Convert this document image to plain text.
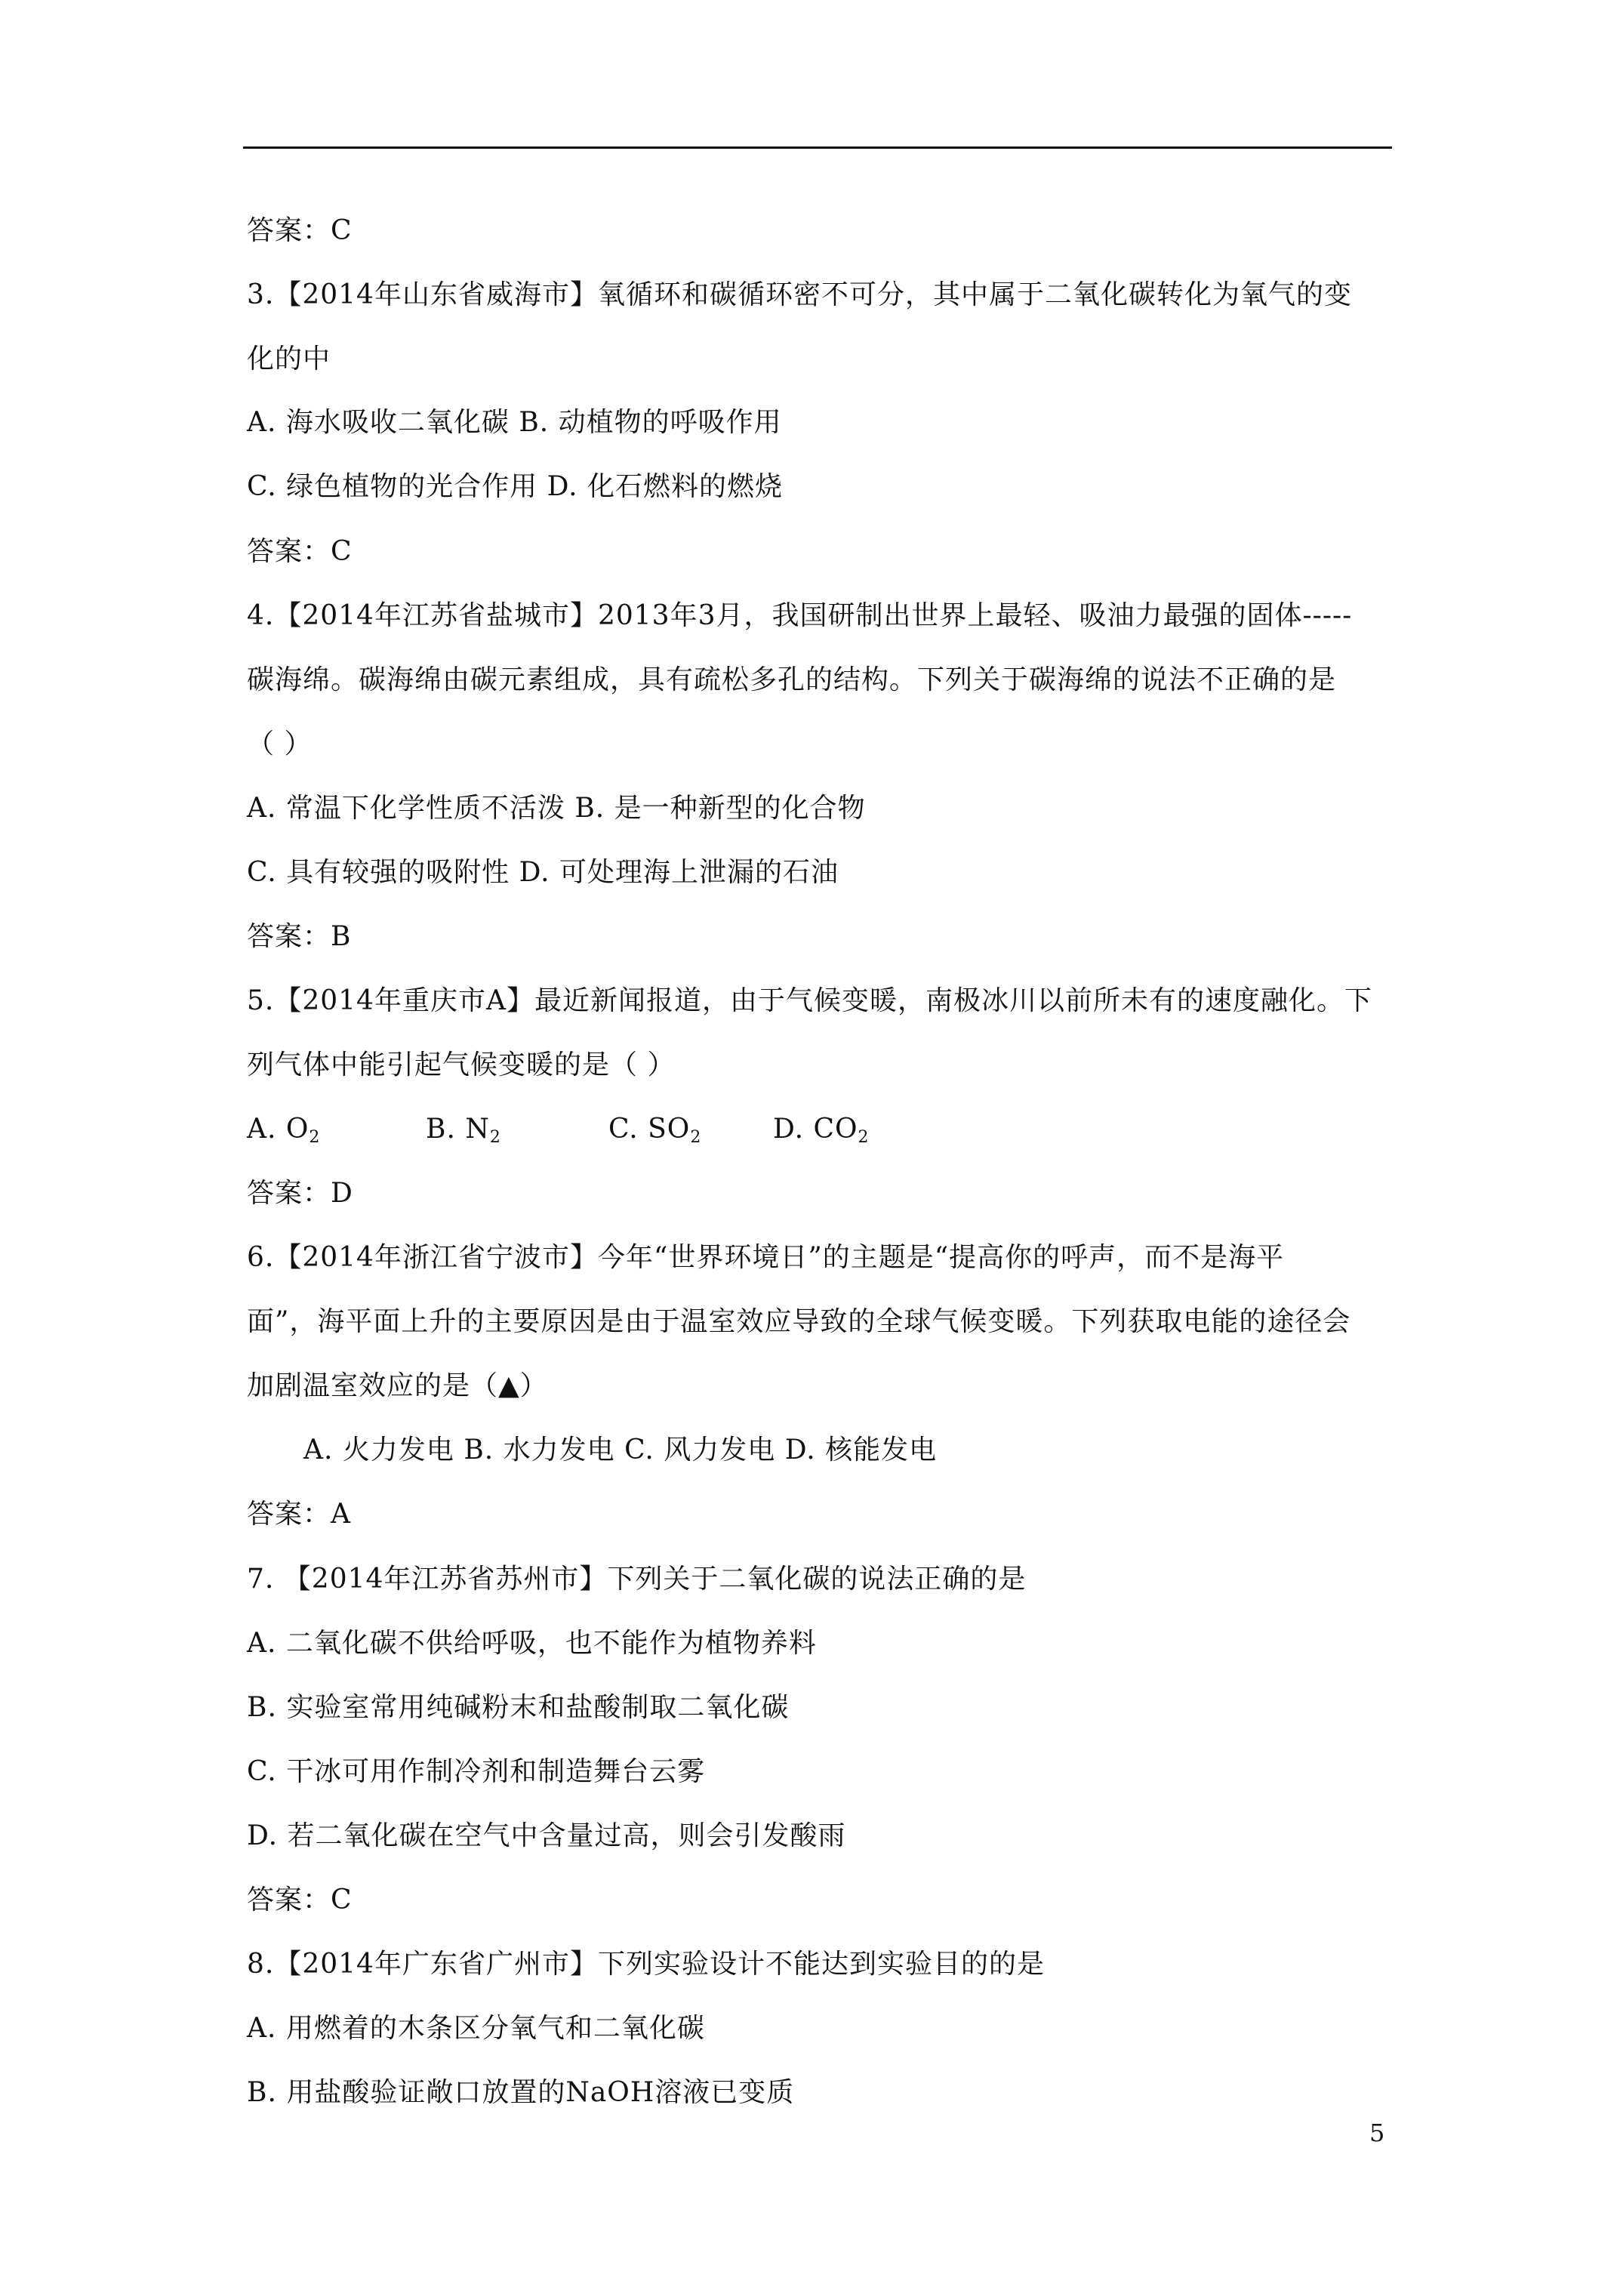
答案：C
3.【2014年山东省威海市】氧循环和碳循环密不可分，其中属于二氧化碳转化为氧气的变
化的中
A. 海水吸收二氧化碳 B. 动植物的呼吸作用
C. 绿色植物的光合作用 D. 化石燃料的燃烧
答案：C
4.【2014年江苏省盐城市】2013年3月，我国研制出世界上最轻、吸油力最强的固体-----
碳海绵。碳海绵由碳元素组成，具有疏松多孔的结构。下列关于碳海绵的说法不正确的是
（ ）
A. 常温下化学性质不活泼 B. 是一种新型的化合物
C. 具有较强的吸附性 D. 可处理海上泄漏的石油
答案：B
5.【2014年重庆市A】最近新闻报道，由于气候变暖，南极冰川以前所未有的速度融化。下
列气体中能引起气候变暖的是（ ）
A. $O_2$	B. $N_2$	C. $SO_2$	D. $CO_2$
答案：D
6.【2014年浙江省宁波市】今年“世界环境日”的主题是“提高你的呼声，而不是海平
面”，海平面上升的主要原因是由于温室效应导致的全球气候变暖。下列获取电能的途径会
加剧温室效应的是（▲）
A. 火力发电 B. 水力发电 C. 风力发电 D. 核能发电
答案：A
7. 【2014年江苏省苏州市】下列关于二氧化碳的说法正确的是
A. 二氧化碳不供给呼吸，也不能作为植物养料
B. 实验室常用纯碱粉末和盐酸制取二氧化碳
C. 干冰可用作制冷剂和制造舞台云雾
D. 若二氧化碳在空气中含量过高，则会引发酸雨
答案：C
8.【2014年广东省广州市】下列实验设计不能达到实验目的的是
A. 用燃着的木条区分氧气和二氧化碳
B. 用盐酸验证敞口放置的NaOH溶液已变质
5
